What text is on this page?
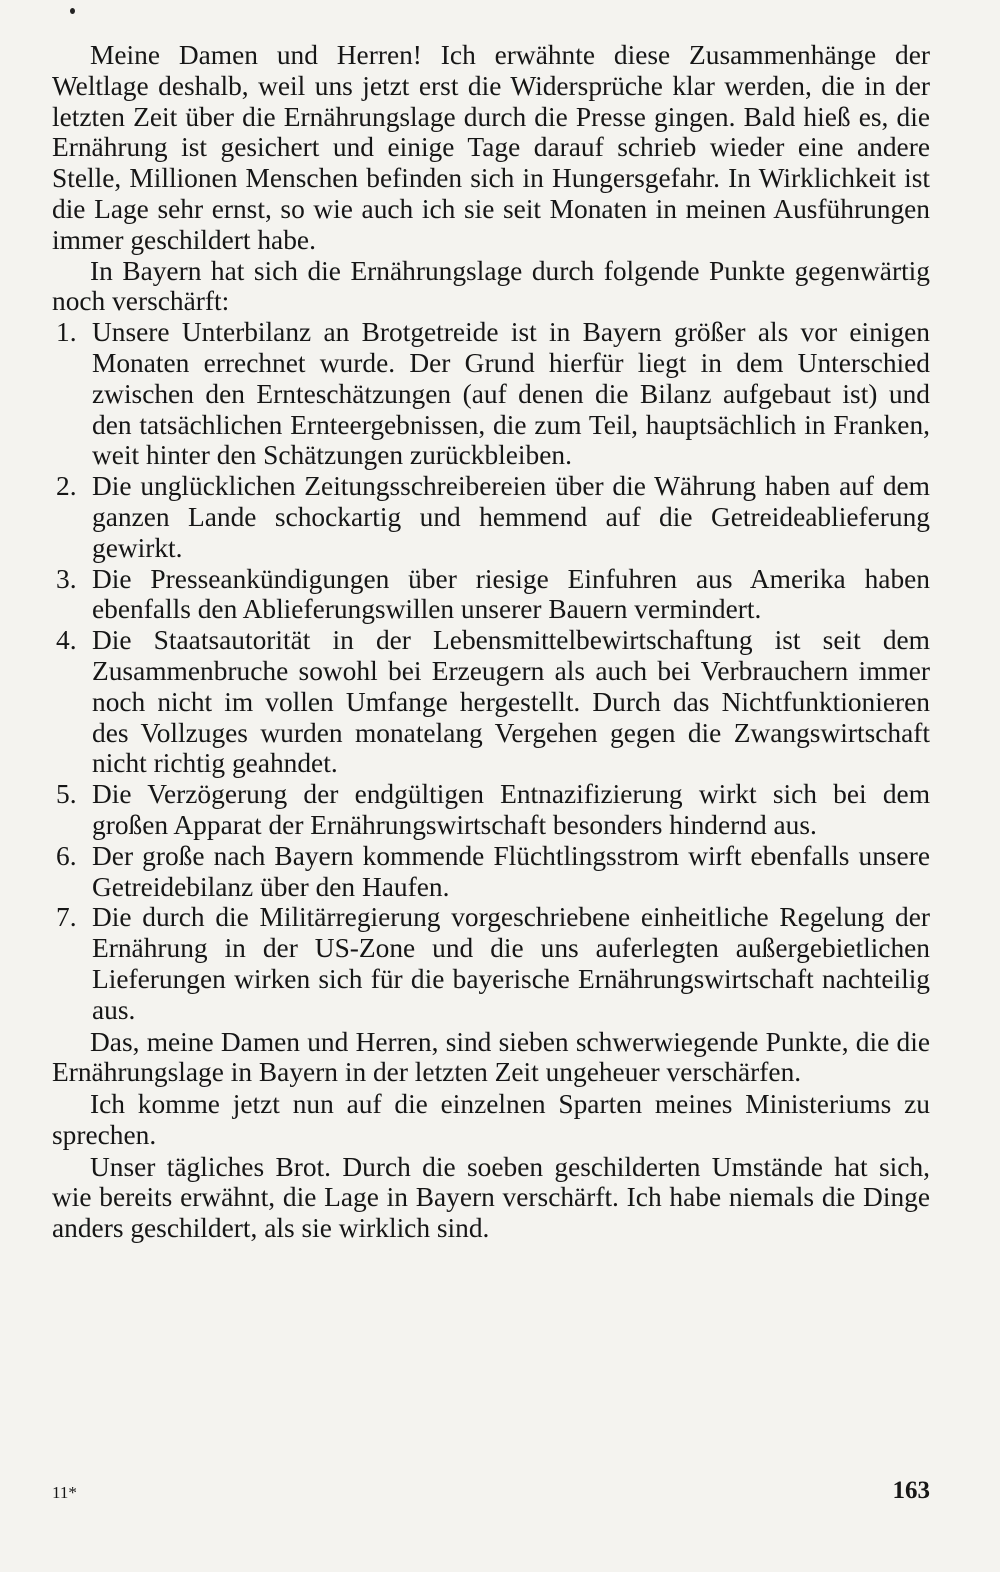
Meine Damen und Herren! Ich erwähnte diese Zusammenhänge der Weltlage deshalb, weil uns jetzt erst die Widersprüche klar werden, die in der letzten Zeit über die Ernährungslage durch die Presse gingen. Bald hieß es, die Ernährung ist gesichert und einige Tage darauf schrieb wieder eine andere Stelle, Millionen Menschen befinden sich in Hungersgefahr. In Wirklichkeit ist die Lage sehr ernst, so wie auch ich sie seit Monaten in meinen Ausführungen immer geschildert habe.

In Bayern hat sich die Ernährungslage durch folgende Punkte gegenwärtig noch verschärft:

1. Unsere Unterbilanz an Brotgetreide ist in Bayern größer als vor einigen Monaten errechnet wurde. Der Grund hierfür liegt in dem Unterschied zwischen den Ernteschätzungen (auf denen die Bilanz aufgebaut ist) und den tatsächlichen Ernteergebnissen, die zum Teil, hauptsächlich in Franken, weit hinter den Schätzungen zurückbleiben.
2. Die unglücklichen Zeitungsschreibereien über die Währung haben auf dem ganzen Lande schockartig und hemmend auf die Getreideablieferung gewirkt.
3. Die Presseankündigungen über riesige Einfuhren aus Amerika haben ebenfalls den Ablieferungswillen unserer Bauern vermindert.
4. Die Staatsautorität in der Lebensmittelbewirtschaftung ist seit dem Zusammenbruche sowohl bei Erzeugern als auch bei Verbrauchern immer noch nicht im vollen Umfange hergestellt. Durch das Nichtfunktionieren des Vollzuges wurden monatelang Vergehen gegen die Zwangswirtschaft nicht richtig geahndet.
5. Die Verzögerung der endgültigen Entnazifizierung wirkt sich bei dem großen Apparat der Ernährungswirtschaft besonders hindernd aus.
6. Der große nach Bayern kommende Flüchtlingsstrom wirft ebenfalls unsere Getreidebilanz über den Haufen.
7. Die durch die Militärregierung vorgeschriebene einheitliche Regelung der Ernährung in der US-Zone und die uns auferlegten außergebietlichen Lieferungen wirken sich für die bayerische Ernährungswirtschaft nachteilig aus.

Das, meine Damen und Herren, sind sieben schwerwiegende Punkte, die die Ernährungslage in Bayern in der letzten Zeit ungeheuer verschärfen.

Ich komme jetzt nun auf die einzelnen Sparten meines Ministeriums zu sprechen.

Unser tägliches Brot. Durch die soeben geschilderten Umstände hat sich, wie bereits erwähnt, die Lage in Bayern verschärft. Ich habe niemals die Dinge anders geschildert, als sie wirklich sind.

11*	163
